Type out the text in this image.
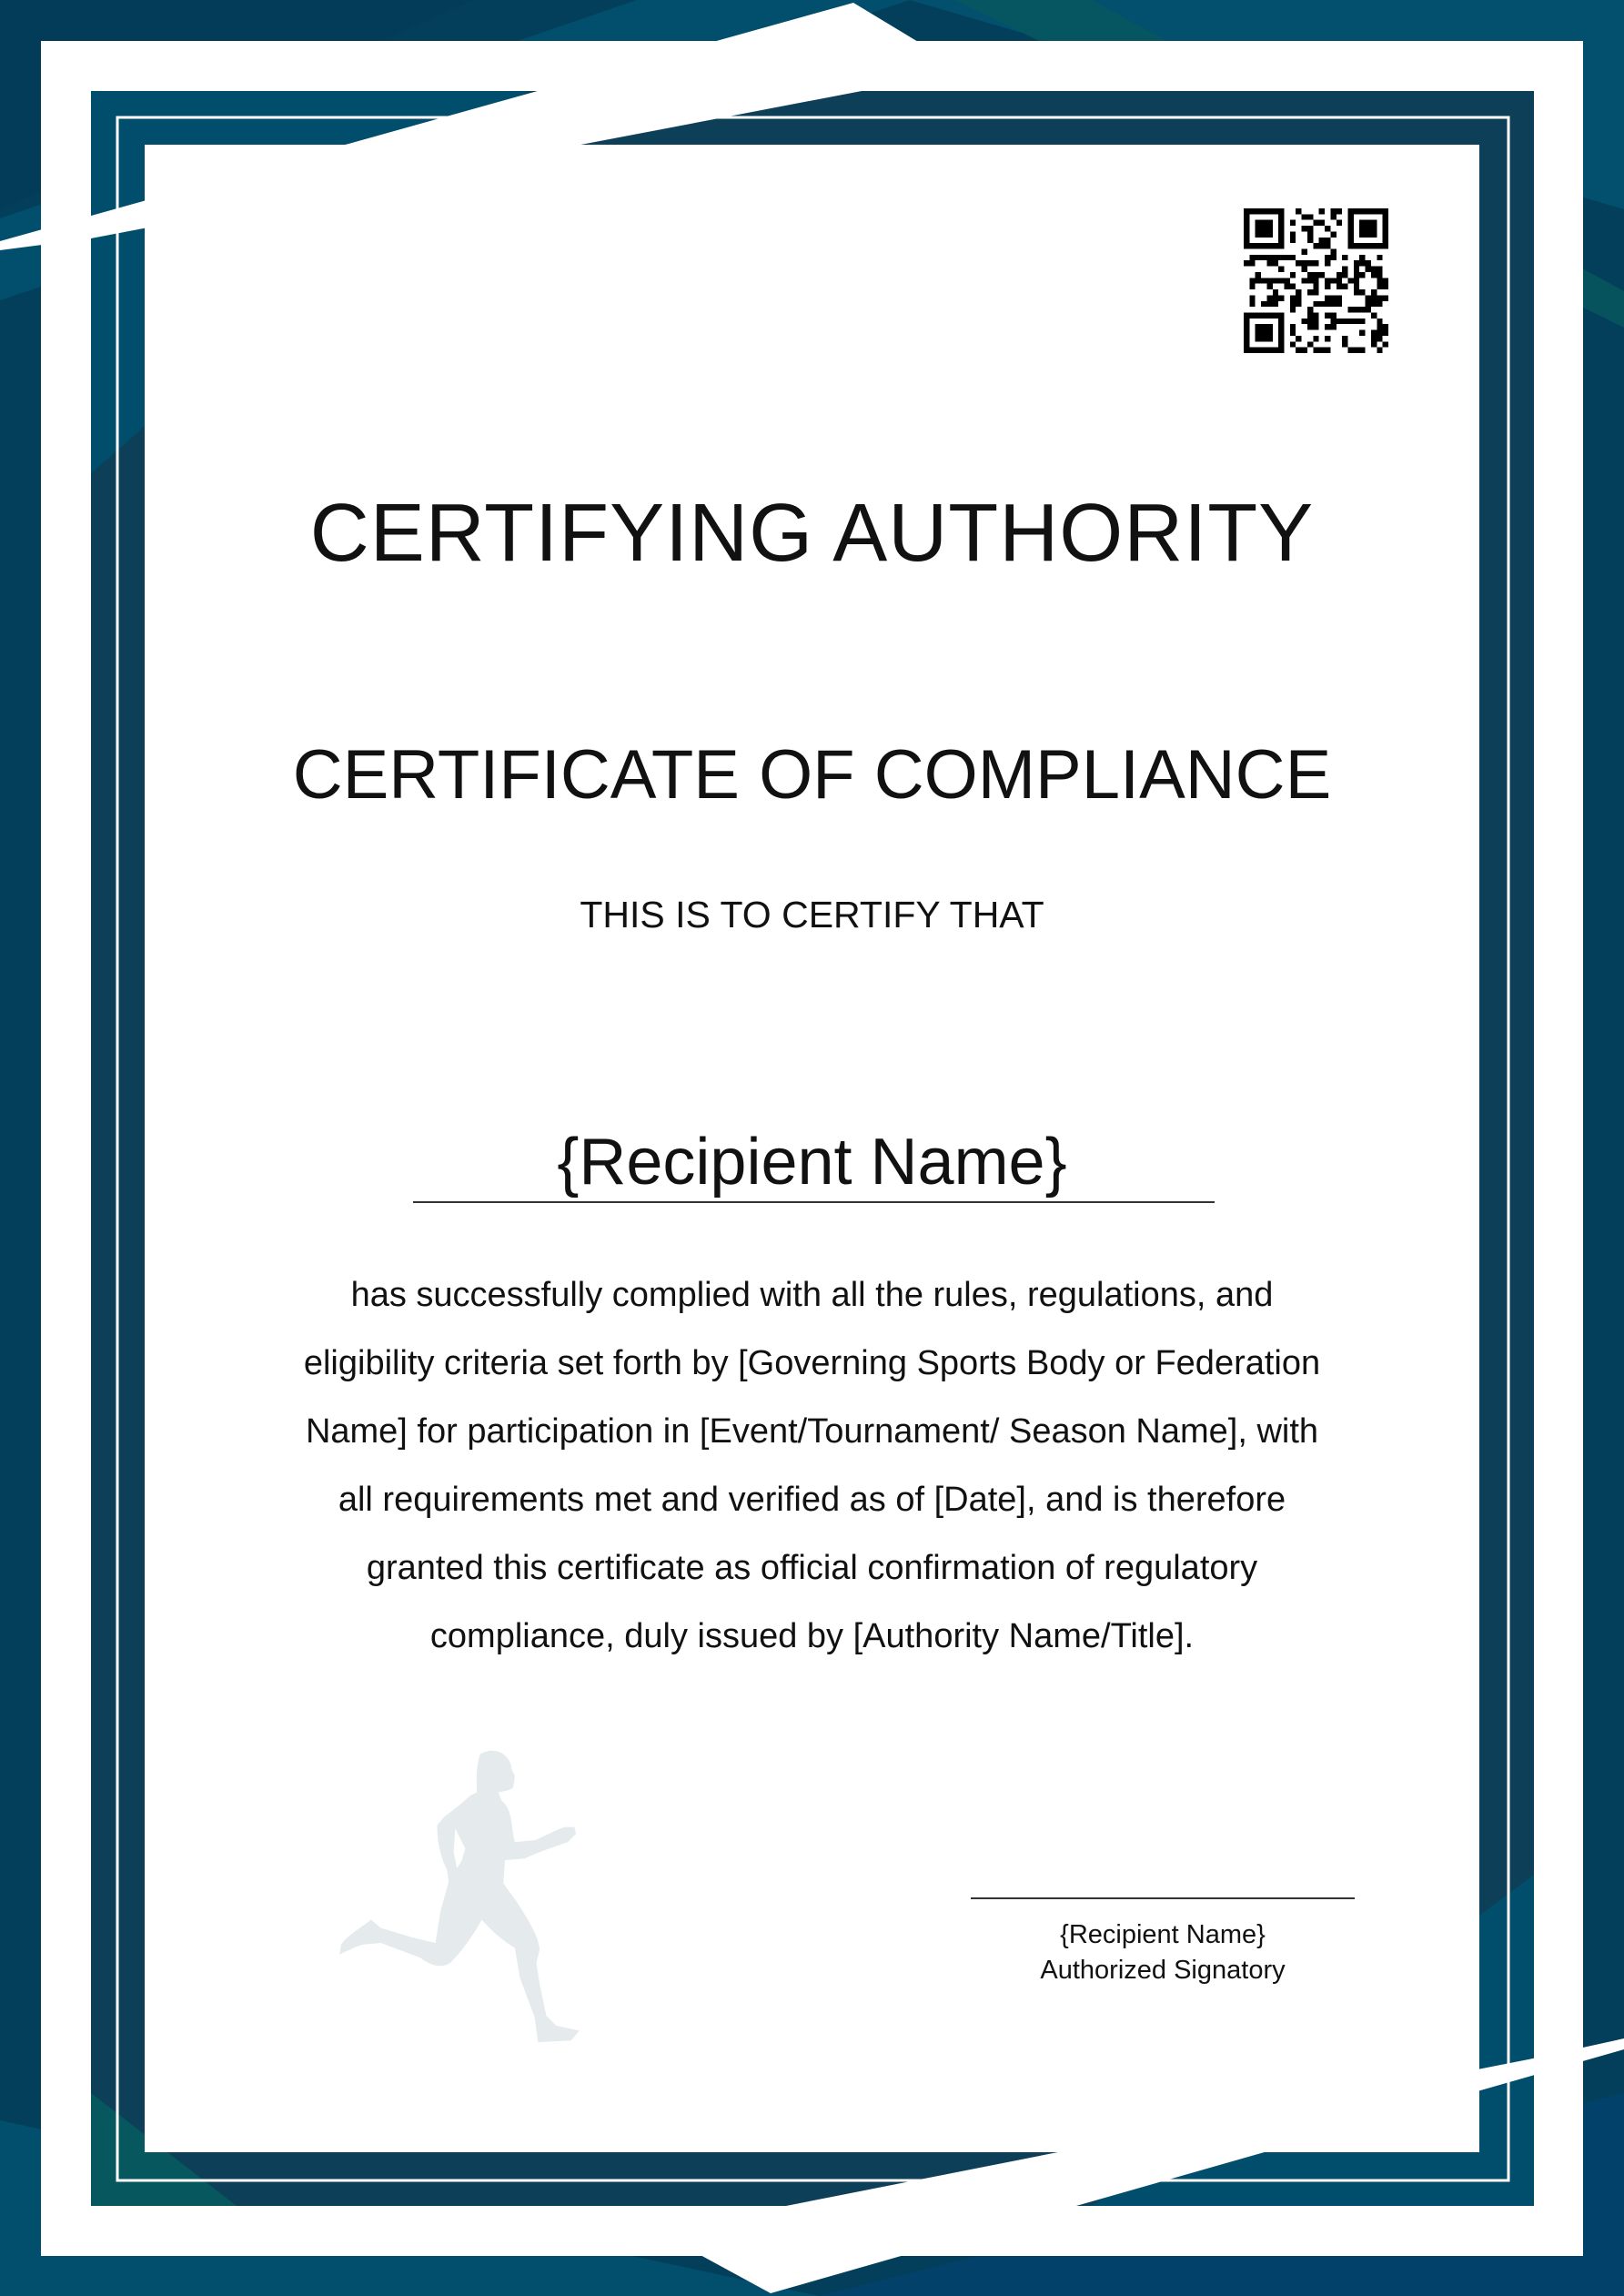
CERTIFYING AUTHORITY
CERTIFICATE OF COMPLIANCE
THIS IS TO CERTIFY THAT
{Recipient Name}
has successfully complied with all the rules, regulations, and eligibility criteria set forth by [Governing Sports Body or Federation Name] for participation in [Event/Tournament/ Season Name], with all requirements met and verified as of [Date], and is therefore granted this certificate as official confirmation of regulatory compliance, duly issued by [Authority Name/Title].
{Recipient Name}
Authorized Signatory
